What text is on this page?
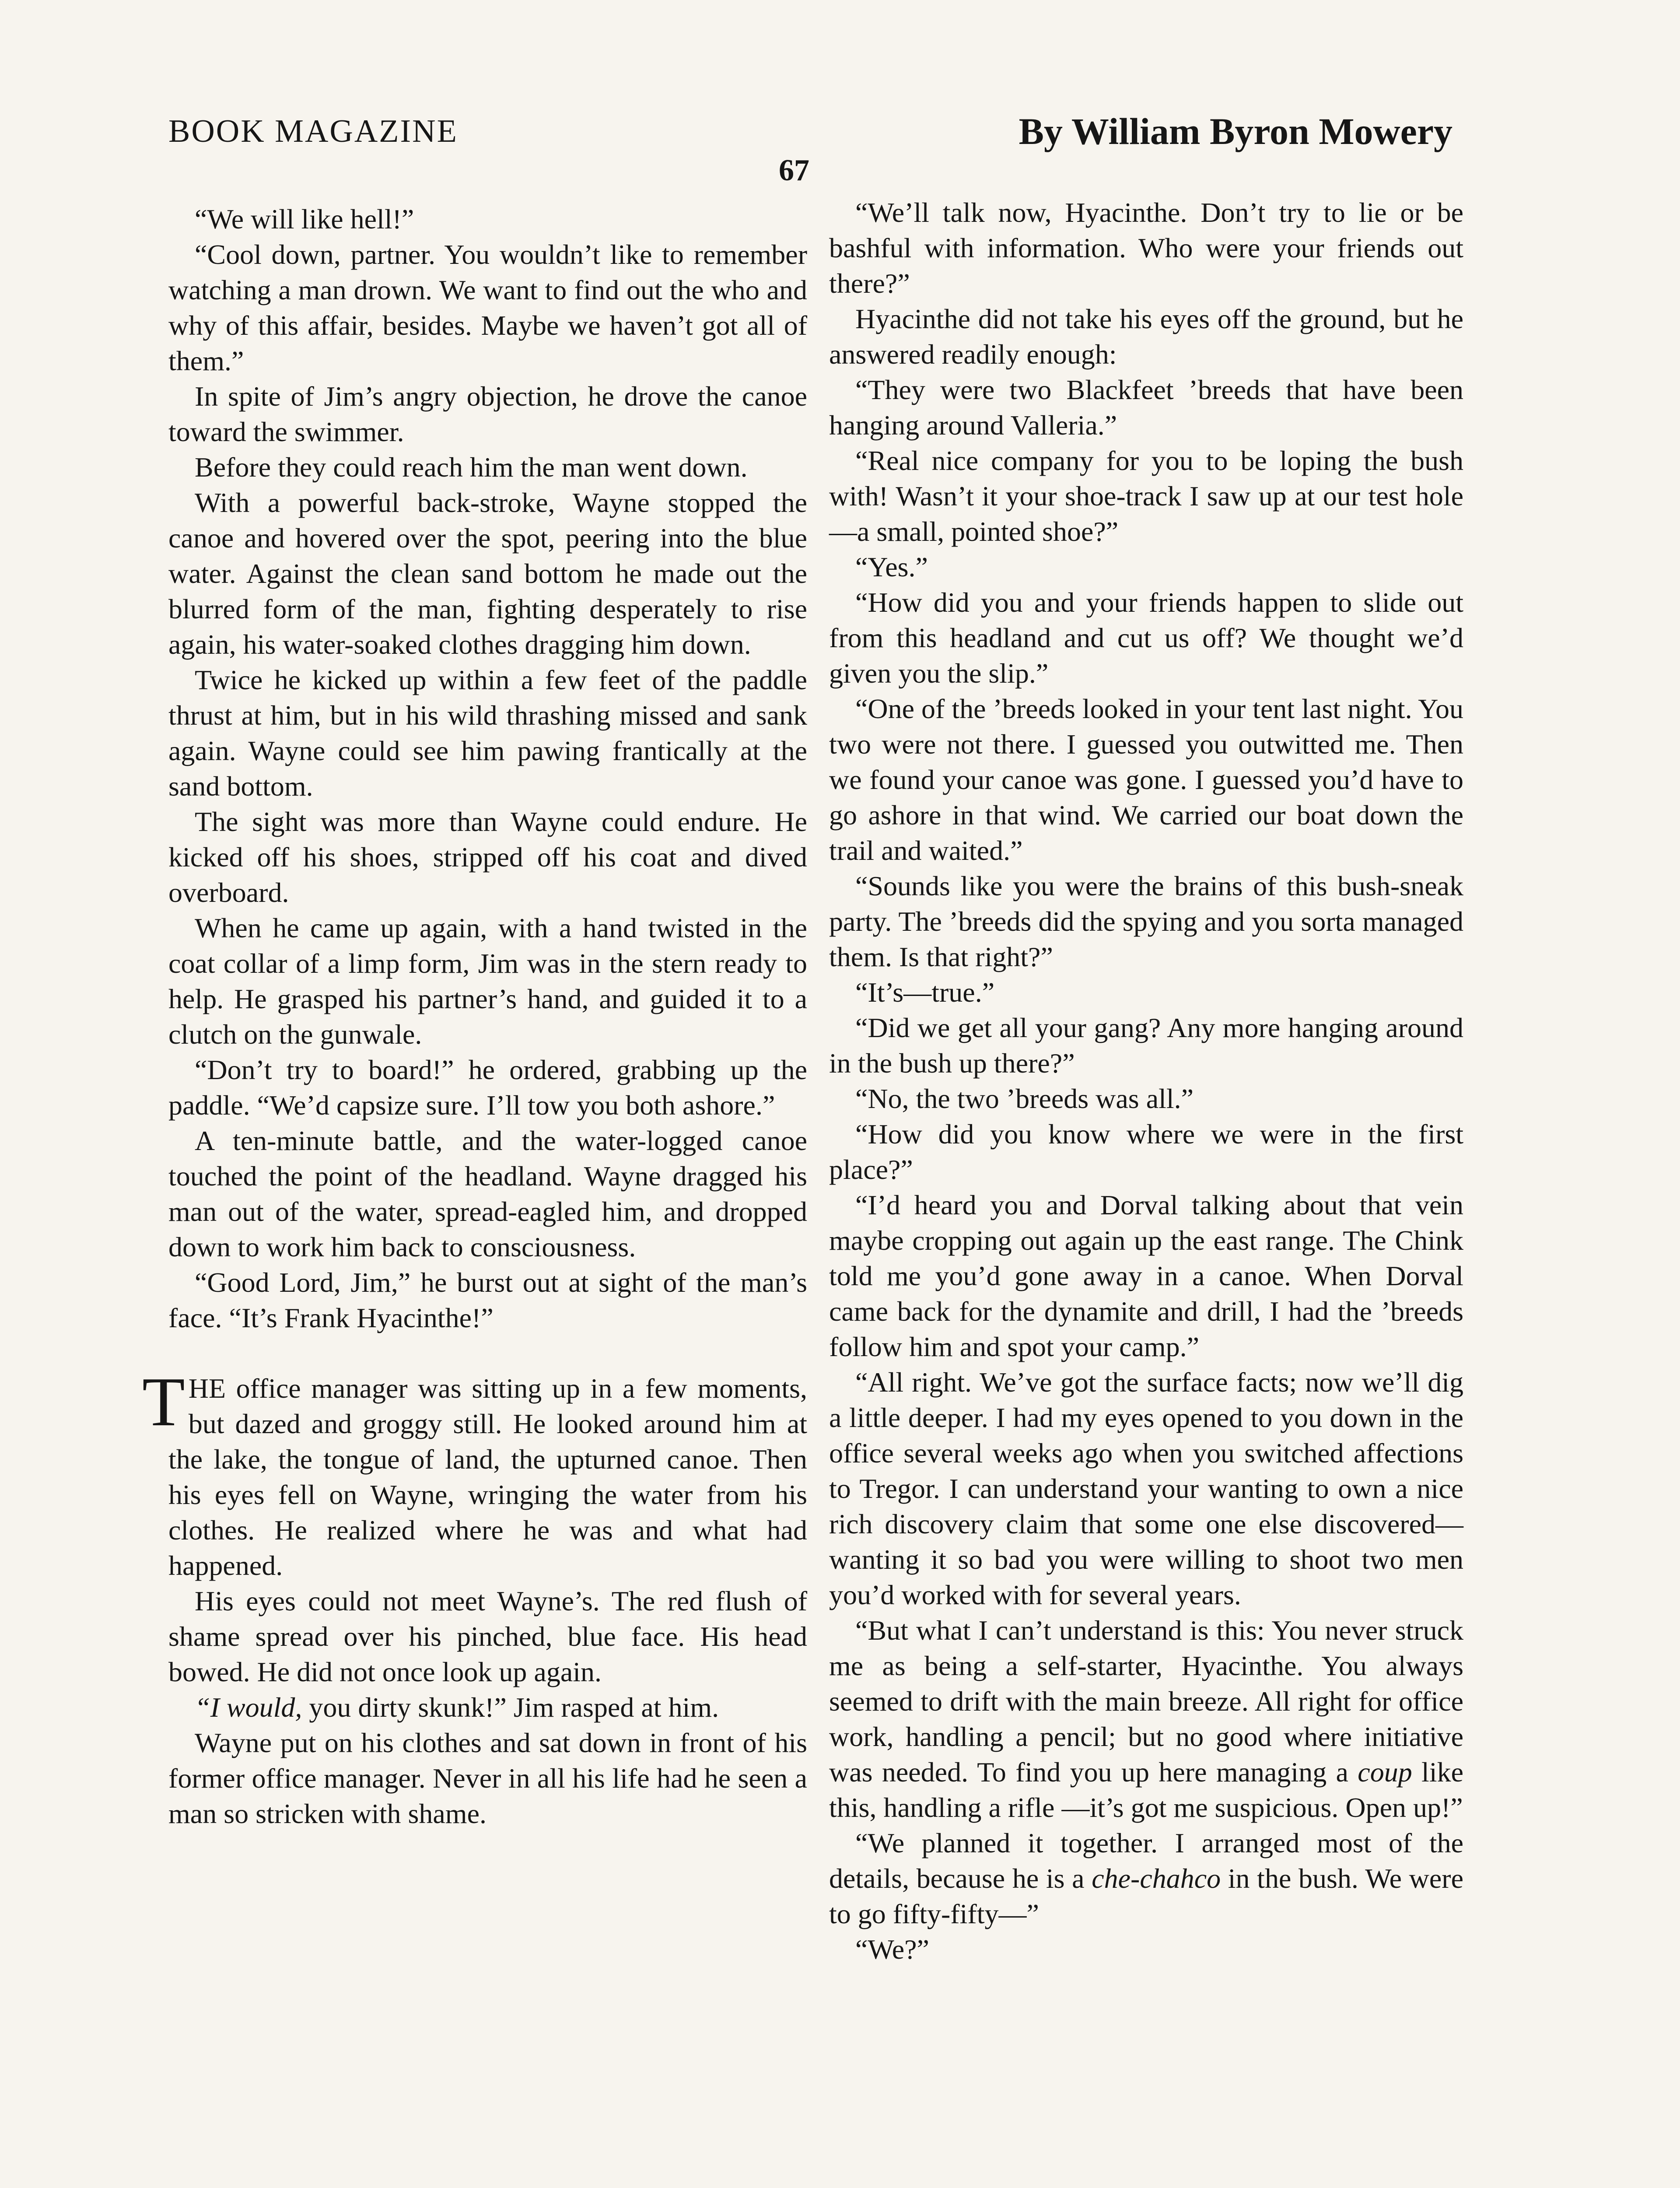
BOOK MAGAZINE	By William Byron Mowery
67

“We will like hell!”

“Cool down, partner. You wouldn’t like to remember watching a man drown. We want to find out the who and why of this affair, besides. Maybe we haven’t got all of them.”

In spite of Jim’s angry objection, he drove the canoe toward the swimmer.

Before they could reach him the man went down.

With a powerful back-stroke, Wayne stopped the canoe and hovered over the spot, peering into the blue water. Against the clean sand bottom he made out the blurred form of the man, fighting desperately to rise again, his water-soaked clothes dragging him down.

Twice he kicked up within a few feet of the paddle thrust at him, but in his wild thrashing missed and sank again. Wayne could see him pawing frantically at the sand bottom.

The sight was more than Wayne could endure. He kicked off his shoes, stripped off his coat and dived overboard.

When he came up again, with a hand twisted in the coat collar of a limp form, Jim was in the stern ready to help. He grasped his partner’s hand, and guided it to a clutch on the gunwale.

“Don’t try to board!” he ordered, grabbing up the paddle. “We’d capsize sure. I’ll tow you both ashore.”

A ten-minute battle, and the water-logged canoe touched the point of the headland. Wayne dragged his man out of the water, spread-eagled him, and dropped down to work him back to consciousness.

“Good Lord, Jim,” he burst out at sight of the man’s face. “It’s Frank Hyacinthe!”

THE office manager was sitting up in a few moments, but dazed and groggy still. He looked around him at the lake, the tongue of land, the upturned canoe. Then his eyes fell on Wayne, wringing the water from his clothes. He realized where he was and what had happened.

His eyes could not meet Wayne’s. The red flush of shame spread over his pinched, blue face. His head bowed. He did not once look up again.

“I would, you dirty skunk!” Jim rasped at him.

Wayne put on his clothes and sat down in front of his former office manager. Never in all his life had he seen a man so stricken with shame.

“We’ll talk now, Hyacinthe. Don’t try to lie or be bashful with information. Who were your friends out there?”

Hyacinthe did not take his eyes off the ground, but he answered readily enough:

“They were two Blackfeet ’breeds that have been hanging around Valleria.”

“Real nice company for you to be loping the bush with! Wasn’t it your shoe-track I saw up at our test hole—a small, pointed shoe?”

“Yes.”

“How did you and your friends happen to slide out from this headland and cut us off? We thought we’d given you the slip.”

“One of the ’breeds looked in your tent last night. You two were not there. I guessed you outwitted me. Then we found your canoe was gone. I guessed you’d have to go ashore in that wind. We carried our boat down the trail and waited.”

“Sounds like you were the brains of this bush-sneak party. The ’breeds did the spying and you sorta managed them. Is that right?”

“It’s—true.”

“Did we get all your gang? Any more hanging around in the bush up there?”

“No, the two ’breeds was all.”

“How did you know where we were in the first place?”

“I’d heard you and Dorval talking about that vein maybe cropping out again up the east range. The Chink told me you’d gone away in a canoe. When Dorval came back for the dynamite and drill, I had the ’breeds follow him and spot your camp.”

“All right. We’ve got the surface facts; now we’ll dig a little deeper. I had my eyes opened to you down in the office several weeks ago when you switched affections to Tregor. I can understand your wanting to own a nice rich discovery claim that some one else discovered—wanting it so bad you were willing to shoot two men you’d worked with for several years.

“But what I can’t understand is this: You never struck me as being a self-starter, Hyacinthe. You always seemed to drift with the main breeze. All right for office work, handling a pencil; but no good where initiative was needed. To find you up here managing a coup like this, handling a rifle —it’s got me suspicious. Open up!”

“We planned it together. I arranged most of the details, because he is a che-chahco in the bush. We were to go fifty-fifty—”

“We?”
